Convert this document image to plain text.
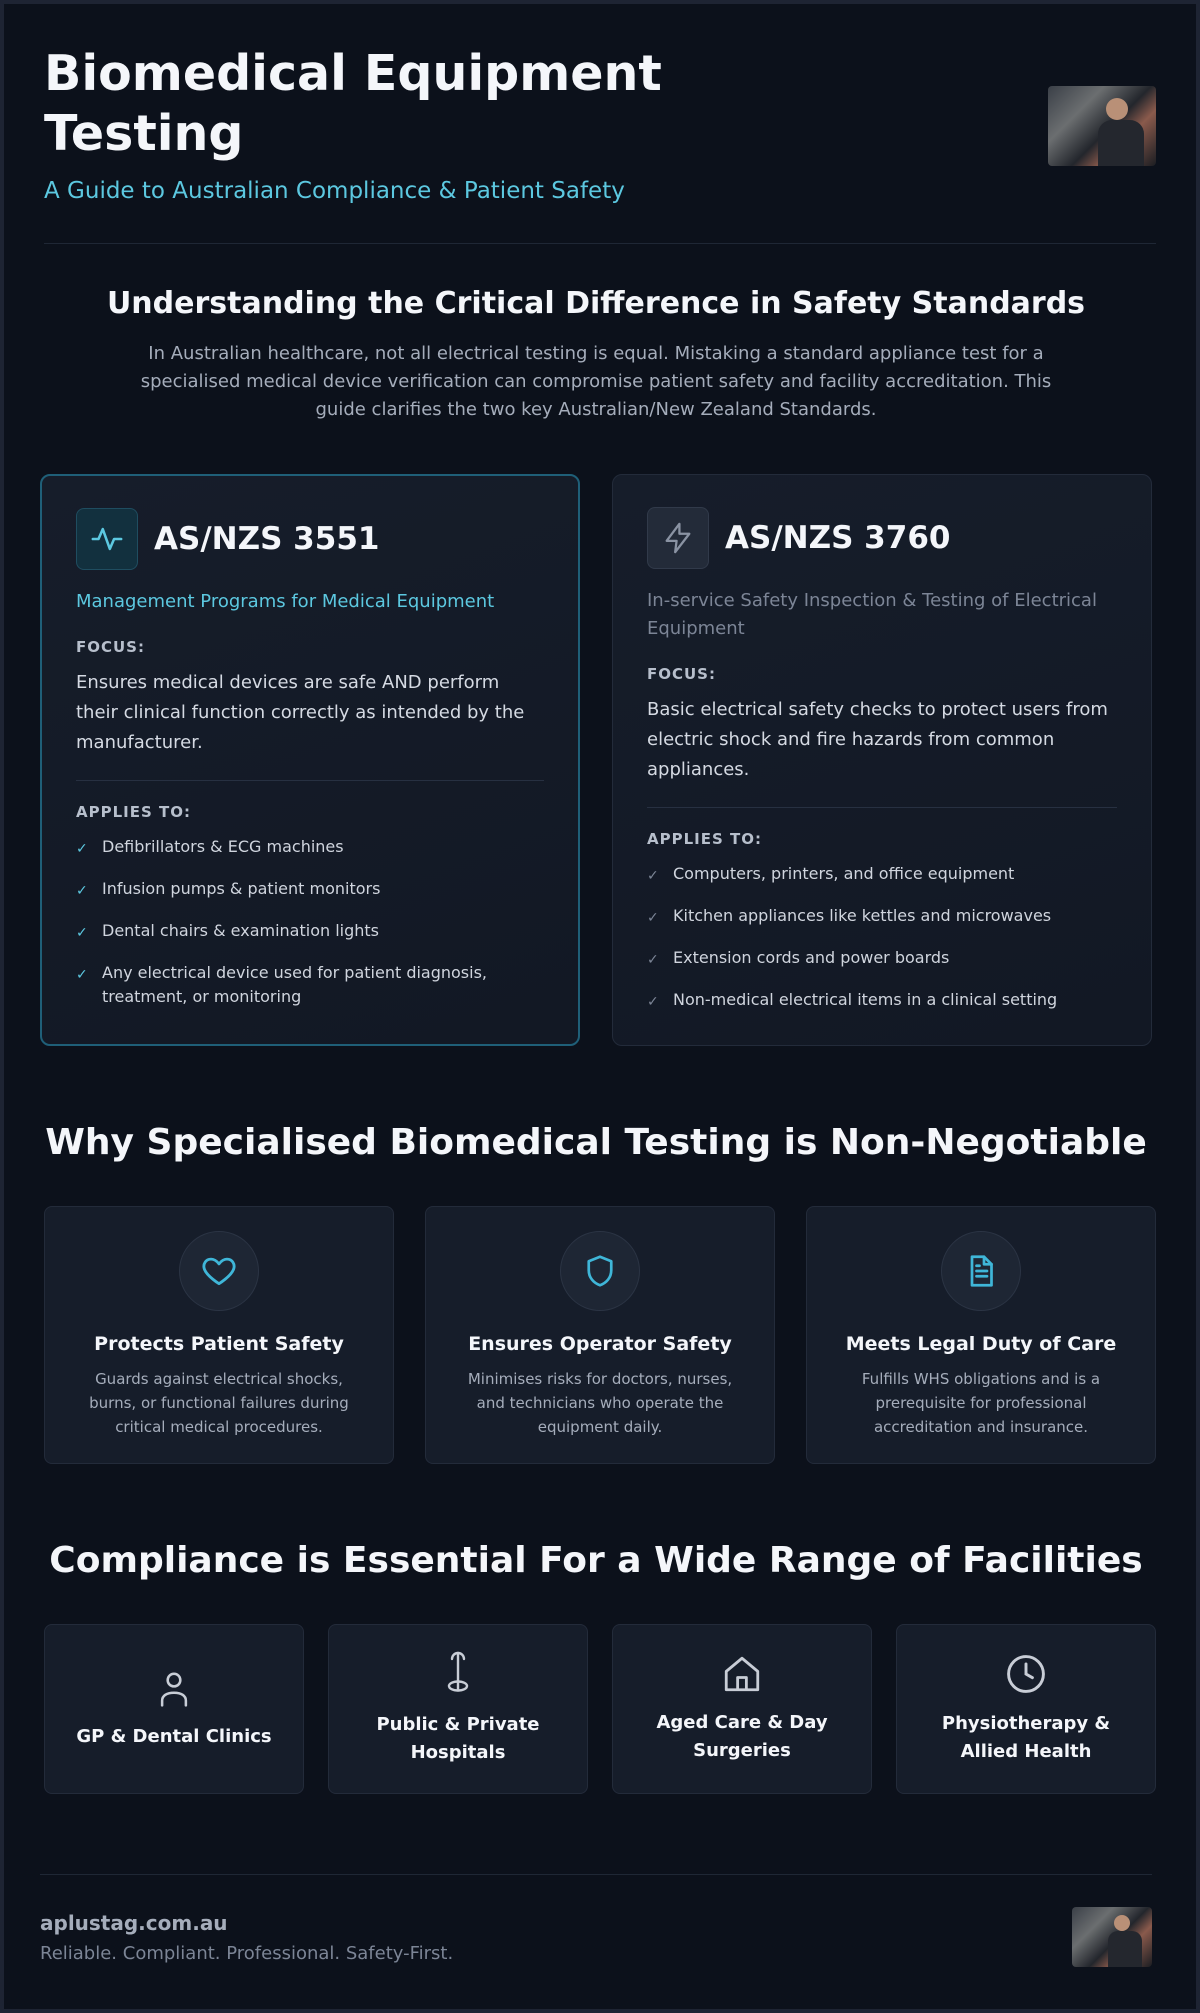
Biomedical Equipment Testing
A Guide to Australian Compliance & Patient Safety
Understanding the Critical Difference in Safety Standards

In Australian healthcare, not all electrical testing is equal. Mistaking a standard appliance test for a specialised medical device verification can compromise patient safety and facility accreditation. This guide clarifies the two key Australian/New Zealand Standards.

AS/NZS 3551
Management Programs for Medical Equipment
FOCUS:
Ensures medical devices are safe AND perform their clinical function correctly as intended by the manufacturer.
APPLIES TO:
✓ Defibrillators & ECG machines
✓ Infusion pumps & patient monitors
✓ Dental chairs & examination lights
✓ Any electrical device used for patient diagnosis, treatment, or monitoring
AS/NZS 3760
In-service Safety Inspection & Testing of Electrical Equipment
FOCUS:
Basic electrical safety checks to protect users from electric shock and fire hazards from common appliances.
APPLIES TO:
✓ Computers, printers, and office equipment
✓ Kitchen appliances like kettles and microwaves
✓ Extension cords and power boards
✓ Non-medical electrical items in a clinical setting
Why Specialised Biomedical Testing is Non-Negotiable
Protects Patient Safety
Guards against electrical shocks, burns, or functional failures during critical medical procedures.
Ensures Operator Safety
Minimises risks for doctors, nurses, and technicians who operate the equipment daily.
Meets Legal Duty of Care
Fulfills WHS obligations and is a prerequisite for professional accreditation and insurance.
Compliance is Essential For a Wide Range of Facilities
GP & Dental Clinics
Public & Private Hospitals
Aged Care & Day Surgeries
Physiotherapy & Allied Health
aplustag.com.au
Reliable. Compliant. Professional. Safety-First.
